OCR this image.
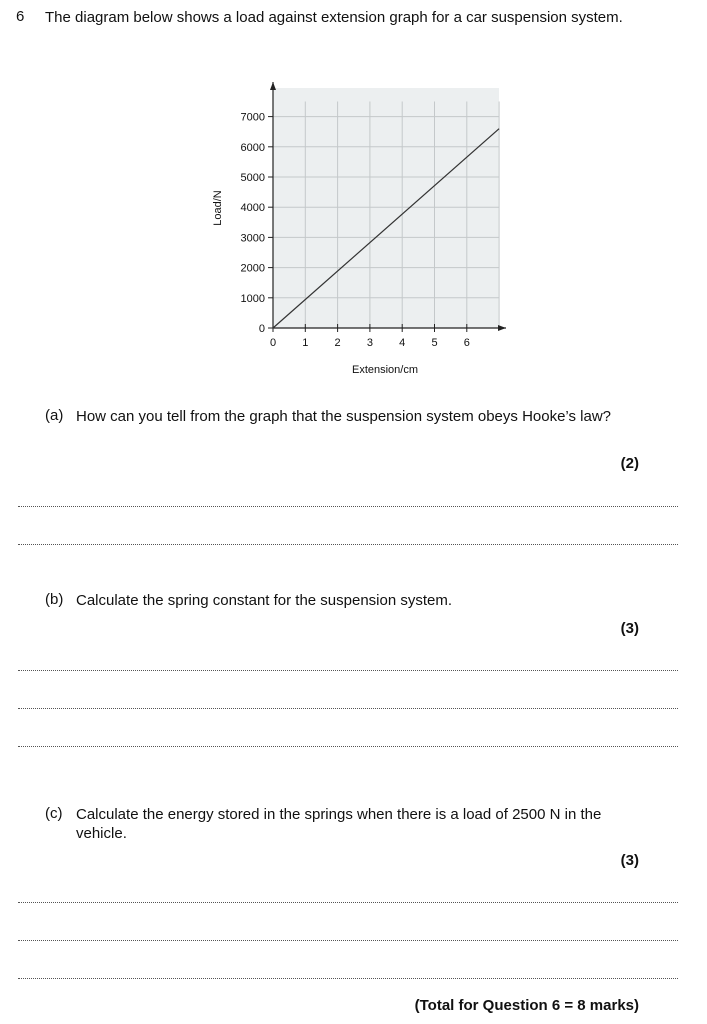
6 The diagram below shows a load against extension graph for a car suspension system.
0 1 2 3 4 5 6
0
1000
2000
3000
4000
5000
6000
7000
Extension/cm
Load/N
(a) How can you tell from the graph that the suspension system obeys Hooke’s law?
(2)
(b) Calculate the spring constant for the suspension system.
(3)
(c) Calculate the energy stored in the springs when there is a load of 2500 N in the vehicle.
(3)
(Total for Question 6 = 8 marks)
